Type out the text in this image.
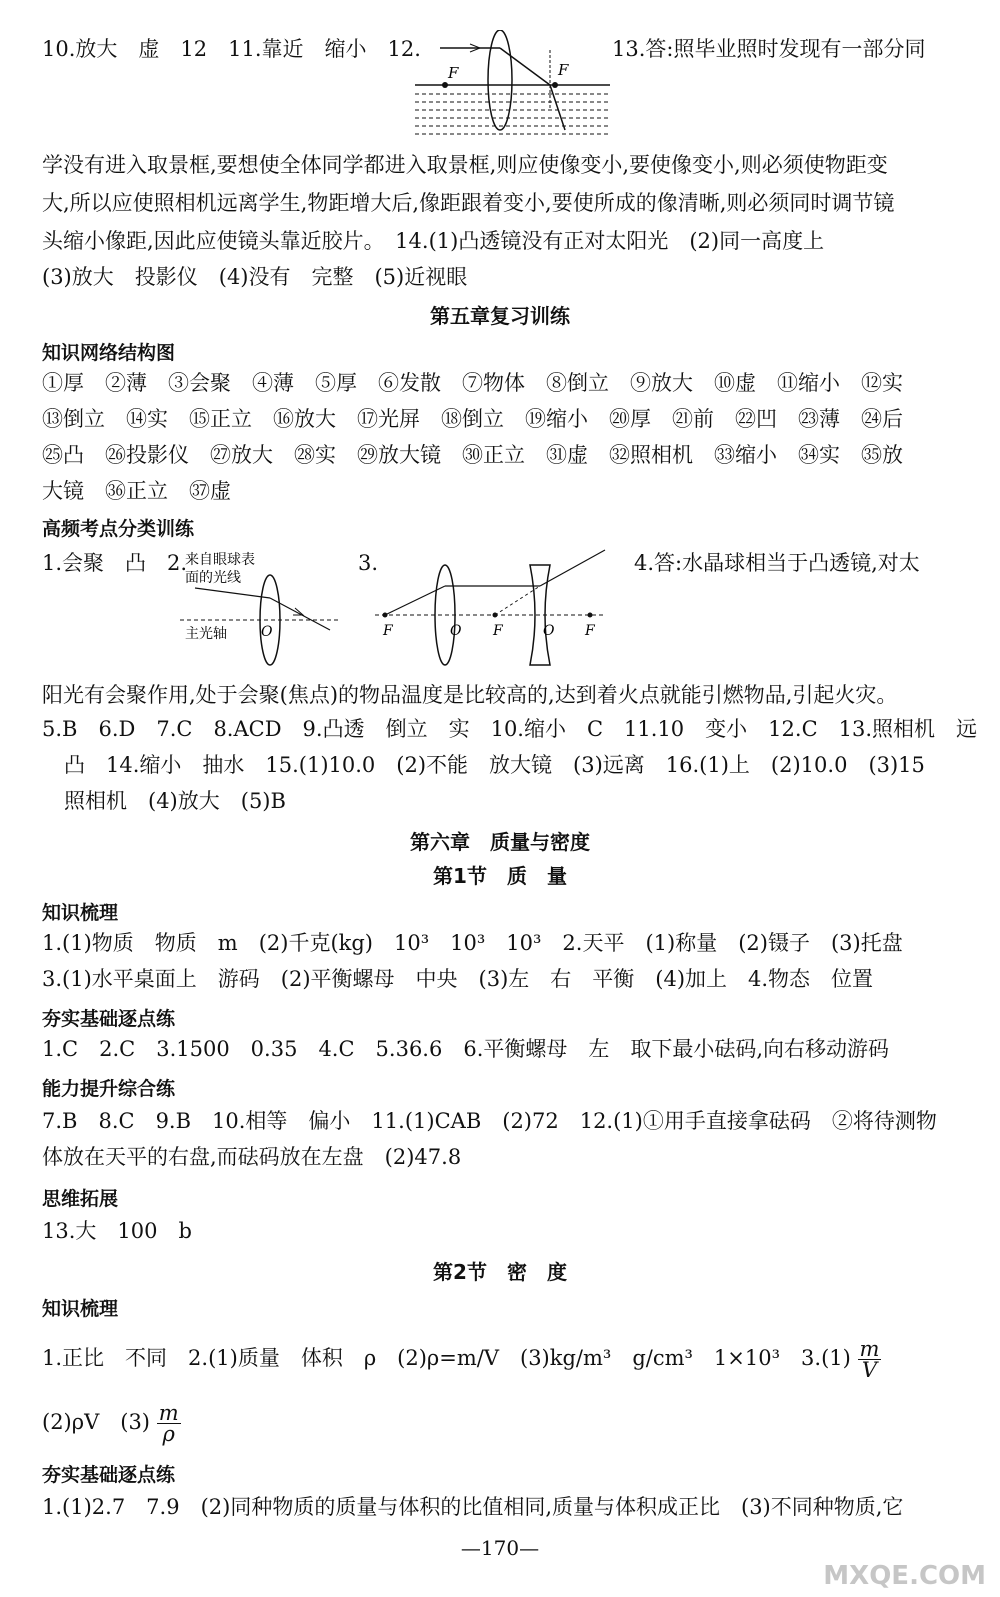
10.放大　虚　12　11.靠近　缩小　12.
F	F
13.答:照毕业照时发现有一部分同
学没有进入取景框,要想使全体同学都进入取景框,则应使像变小,要使像变小,则必须使物距变
大,所以应使照相机远离学生,物距增大后,像距跟着变小,要使所成的像清晰,则必须同时调节镜
头缩小像距,因此应使镜头靠近胶片。　14.(1)凸透镜没有正对太阳光　(2)同一高度上
(3)放大　投影仪　(4)没有　完整　(5)近视眼
第五章复习训练
知识网络结构图
①厚　②薄　③会聚　④薄　⑤厚　⑥发散　⑦物体　⑧倒立　⑨放大　⑩虚　⑪缩小　⑫实
⑬倒立　⑭实　⑮正立　⑯放大　⑰光屏　⑱倒立　⑲缩小　⑳厚　㉑前　㉒凹　㉓薄　㉔后
㉕凸　㉖投影仪　㉗放大　㉘实　㉙放大镜　㉚正立　㉛虚　㉜照相机　㉝缩小　㉞实　㉟放
大镜　㊱正立　㊲虚
高频考点分类训练
1.会聚　凸　2.
来自眼球表
面的光线
主光轴 O
3.
F	O F	O F
4.答:水晶球相当于凸透镜,对太
阳光有会聚作用,处于会聚(焦点)的物品温度是比较高的,达到着火点就能引燃物品,引起火灾。
5.B　6.D　7.C　8.ACD　9.凸透　倒立　实　10.缩小　C　11.10　变小　12.C　13.照相机　远
凸　14.缩小　抽水　15.(1)10.0　(2)不能　放大镜　(3)远离　16.(1)上　(2)10.0　(3)15
照相机　(4)放大　(5)B
第六章　质量与密度
第1节　质　量
知识梳理
1.(1)物质　物质　m　(2)千克(kg)　10³　10³　10³　2.天平　(1)称量　(2)镊子　(3)托盘
3.(1)水平桌面上　游码　(2)平衡螺母　中央　(3)左　右　平衡　(4)加上　4.物态　位置
夯实基础逐点练
1.C　2.C　3.1500　0.35　4.C　5.36.6　6.平衡螺母　左　取下最小砝码,向右移动游码
能力提升综合练
7.B　8.C　9.B　10.相等　偏小　11.(1)CAB　(2)72　12.(1)①用手直接拿砝码　②将待测物
体放在天平的右盘,而砝码放在左盘　(2)47.8
思维拓展
13.大　100　b
第2节　密　度
知识梳理
1.正比　不同　2.(1)质量　体积　ρ　(2)ρ=m/V　(3)kg/m³　g/cm³　1×10³　$3.(1) \frac{m}{V}$
(2)ρV　$(3) \frac{m}{\rho}$
夯实基础逐点练
1.(1)2.7　7.9　(2)同种物质的质量与体积的比值相同,质量与体积成正比　(3)不同种物质,它
—170—
MXQE.COM
